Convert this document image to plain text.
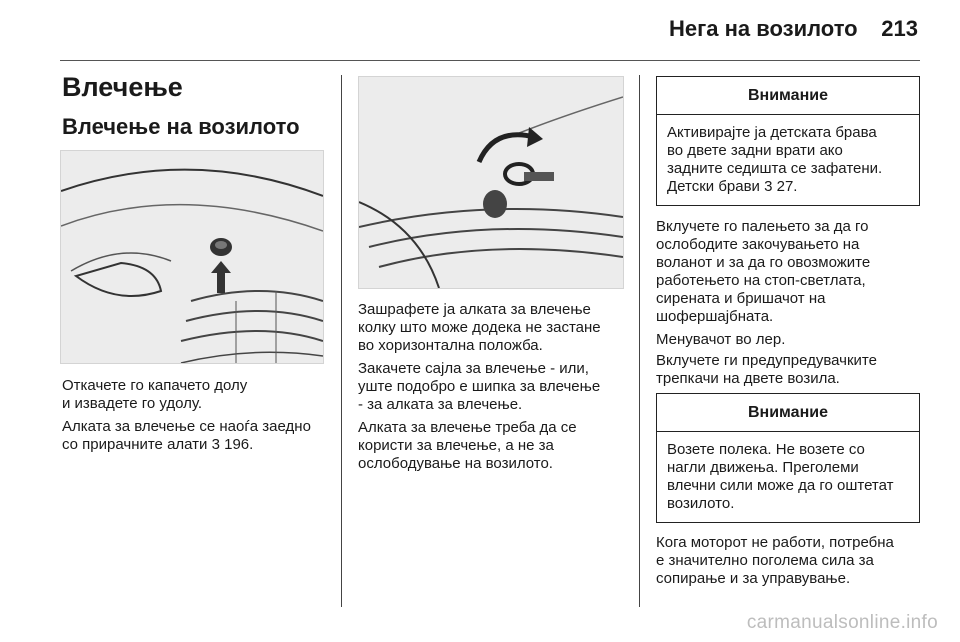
Нега на возилото 213
Влечење
Влечење на возилото

Откачете го капачето долу
и извадете го удолу.

Алката за влечење се наоѓа заедно
со прирачните алати 3 196.

Зашрафете ја алката за влечење
колку што може додека не застане
во хоризонтална положба.

Закачете сајла за влечење - или,
уште подобро е шипка за влечење
- за алката за влечење.

Алката за влечење треба да се
користи за влечење, а не за
ослободување на возилото.

Внимание
Активирајте ја детската брава
во двете задни врати ако
задните седишта се зафатени.
Детски брави 3 27.

Вклучете го палењето за да го
ослободите закочувањето на
воланот и за да го овозможите
работењето на стоп-светлата,
сирената и бришачот на
шофершајбната.

Менувачот во лер.

Вклучете ги предупредувачките
трепкачи на двете возила.

Внимание
Возете полека. Не возете со
нагли движења. Преголеми
влечни сили може да го оштетат
возилото.

Кога моторот не работи, потребна
е значително поголема сила за
сопирање и за управување.

carmanualsonline.info
